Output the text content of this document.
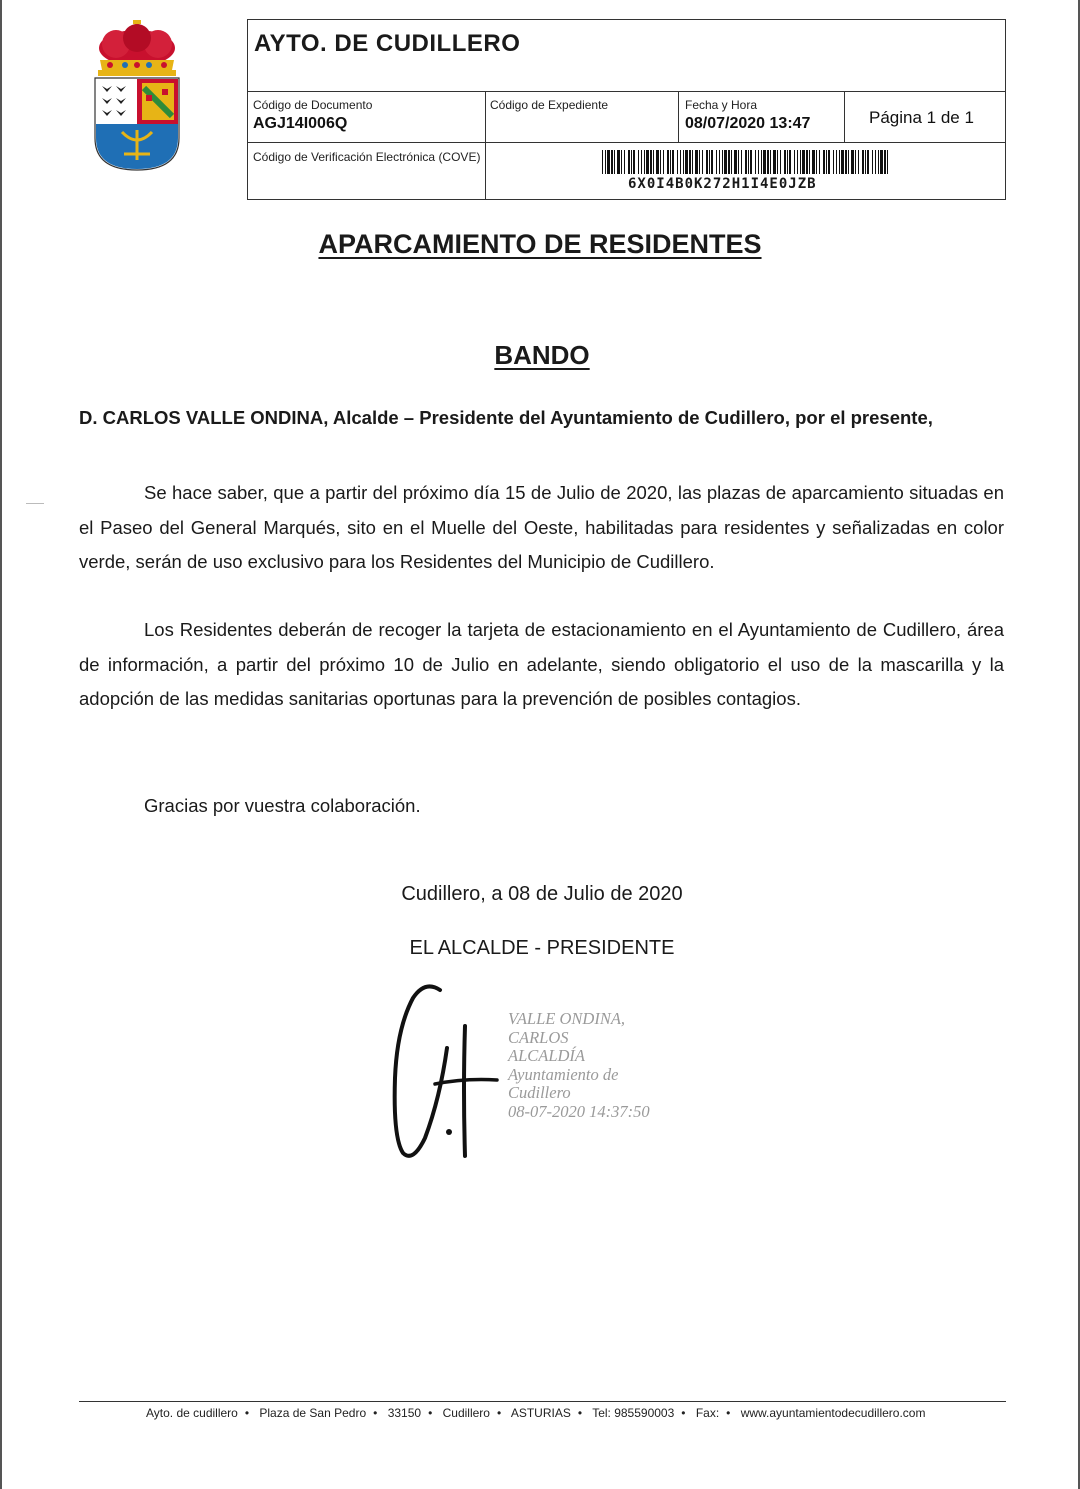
AYTO. DE CUDILLERO
Código de Documento
AGJ14I006Q
Código de Expediente	Fecha y Hora
08/07/2020 13:47	Página 1 de 1
Código de Verificación Electrónica (COVE)
6X0I4B0K272H1I4E0JZB
APARCAMIENTO DE RESIDENTES
BANDO
D. CARLOS VALLE ONDINA, Alcalde – Presidente del Ayuntamiento de Cudillero, por el presente,
Se hace saber, que a partir del próximo día 15 de Julio de 2020, las plazas de aparcamiento situadas en el Paseo del General Marqués, sito en el Muelle del Oeste, habilitadas para residentes y señalizadas en color verde, serán de uso exclusivo para los Residentes del Municipio de Cudillero.
Los Residentes deberán de recoger la tarjeta de estacionamiento en el Ayuntamiento de Cudillero, área de información, a partir del próximo 10 de Julio en adelante, siendo obligatorio el uso de la mascarilla y la adopción de las medidas sanitarias oportunas para la prevención de posibles contagios.
Gracias por vuestra colaboración.
Cudillero, a 08 de Julio de 2020
EL ALCALDE - PRESIDENTE
VALLE ONDINA,
CARLOS
ALCALDÍA
Ayuntamiento de
Cudillero
08-07-2020 14:37:50
Ayto. de cudillero • Plaza de San Pedro • 33150 • Cudillero • ASTURIAS • Tel: 985590003 • Fax: • www.ayuntamientodecudillero.com
